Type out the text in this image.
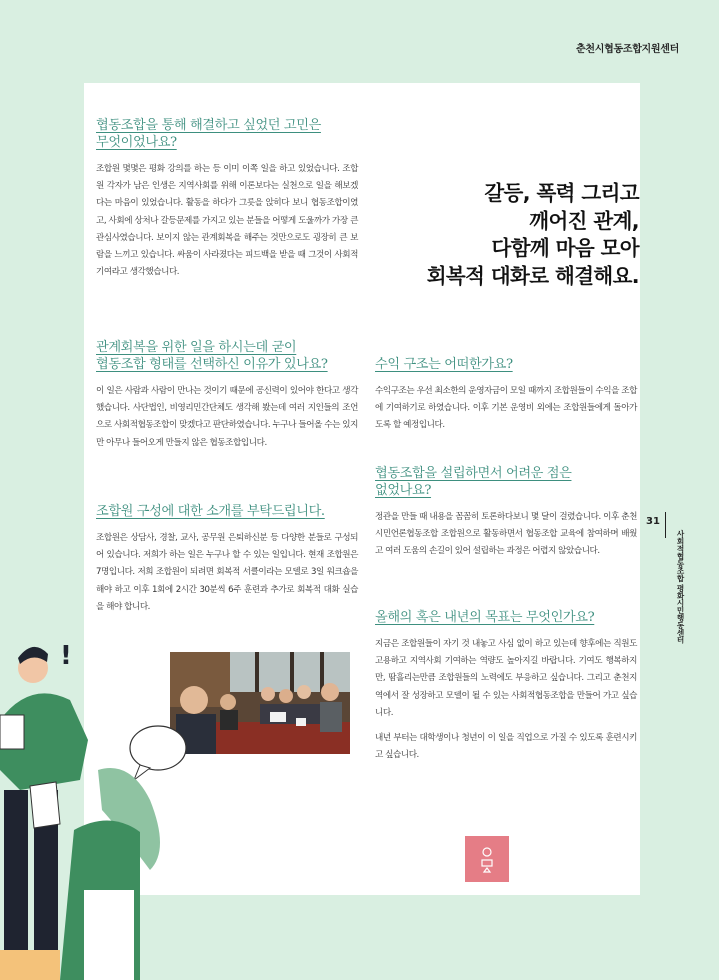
춘천시협동조합지원센터
협동조합을 통해 해결하고 싶었던 고민은
무엇이었나요?

조합원 몇몇은 평화 강의를 하는 등 이미 이쪽 일을 하고 있었습니다. 조합원 각자가 남은 인생은 지역사회를 위해 이론보다는 실천으로 일을 해보겠다는 마음이 있었습니다. 활동을 하다가 그릇을 앉히다 보니 협동조합이였고, 사회에 상처나 갈등문제를 가지고 있는 분들을 어떻게 도울까가 가장 큰 관심사였습니다. 보이지 않는 관계회복을 해주는 것만으로도 굉장히 큰 보람을 느끼고 있습니다. 싸움이 사라졌다는 피드백을 받을 때 그것이 사회적기여라고 생각했습니다.

관계회복을 위한 일을 하시는데 굳이
협동조합 형태를 선택하신 이유가 있나요?

이 일은 사람과 사람이 만나는 것이기 때문에 공신력이 있어야 한다고 생각했습니다. 사단법인, 비영리민간단체도 생각해 봤는데 여러 지인들의 조언으로 사회적협동조합이 맞겠다고 판단하였습니다. 누구나 들어올 수는 있지만 아무나 들어오게 만들지 않은 협동조합입니다.

조합원 구성에 대한 소개를 부탁드립니다.

조합원은 상담사, 경찰, 교사, 공무원 은퇴하신분 등 다양한 분들로 구성되어 있습니다. 저희가 하는 일은 누구나 할 수 있는 일입니다. 현재 조합원은 7명입니다. 저희 조합원이 되려면 회복적 서클이라는 모델로 3일 워크숍을 해야 하고 이후 1회에 2시간 30분씩 6주 훈련과 추가로 회복적 대화 실습을 해야 합니다.

갈등, 폭력 그리고
깨어진 관계,
다함께 마음 모아
회복적 대화로 해결해요.
수익 구조는 어떠한가요?

수익구조는 우선 최소한의 운영자금이 모일 때까지 조합원들이 수익을 조합에 기여하기로 하였습니다. 이후 기본 운영비 외에는 조합원들에게 돌아가도록 할 예정입니다.

협동조합을 설립하면서 어려운 점은
없었나요?

정관을 만들 때 내용을 꼼꼼히 토론하다보니 몇 달이 걸렸습니다. 이후 춘천시민언론협동조합 조합원으로 활동하면서 협동조합 교육에 참여하며 배웠고 여러 도움의 손길이 있어 설립하는 과정은 어렵지 않았습니다.

올해의 혹은 내년의 목표는 무엇인가요?

지금은 조합원들이 자기 것 내놓고 사심 없이 하고 있는데 향후에는 직원도 고용하고 지역사회 기여하는 역량도 높아지길 바랍니다. 기여도 행복하지만, 땀흘리는만큼 조합원들의 노력에도 부응하고 싶습니다. 그리고 춘천지역에서 잘 성장하고 모델이 될 수 있는 사회적협동조합을 만들어 가고 싶습니다.

내년 부터는 대학생이나 청년이 이 일을 직업으로 가질 수 있도록 훈련시키고 싶습니다.

31
사회적협동조합 평화시민행동센터
!
